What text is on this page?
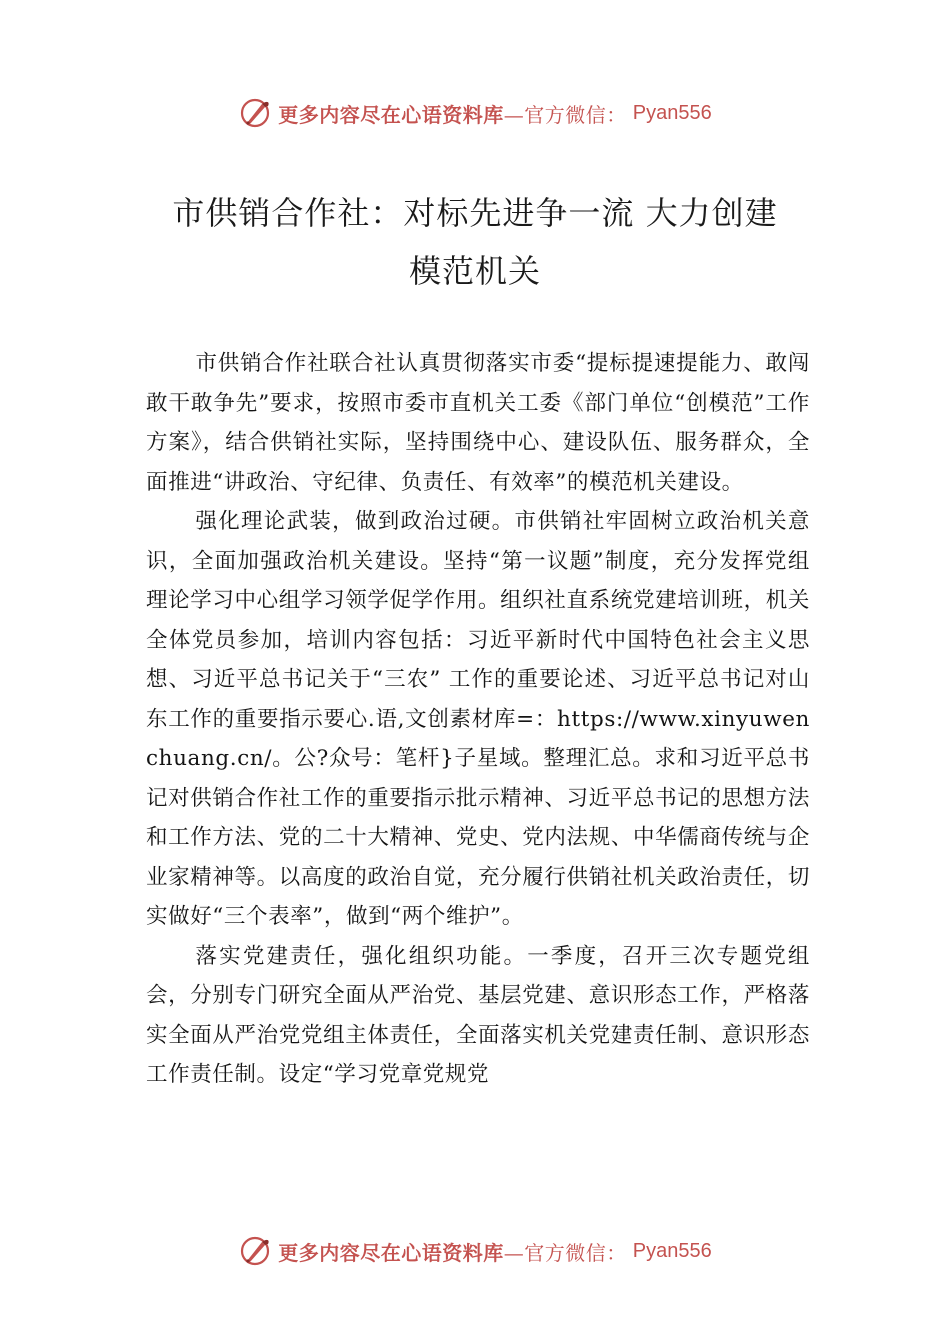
更多内容尽在心语资料库—官方微信： Pyan556
市供销合作社：对标先进争一流 大力创建
模范机关

市供销合作社联合社认真贯彻落实市委“提标提速提能力、敢闯敢干敢争先”要求，按照市委市直机关工委《部门单位“创模范”工作方案》，结合供销社实际，坚持围绕中心、建设队伍、服务群众，全面推进“讲政治、守纪律、负责任、有效率”的模范机关建设。

强化理论武装，做到政治过硬。市供销社牢固树立政治机关意识，全面加强政治机关建设。坚持“第一议题”制度，充分发挥党组理论学习中心组学习领学促学作用。组织社直系统党建培训班，机关全体党员参加，培训内容包括：习近平新时代中国特色社会主义思想、习近平总书记关于“三农” 工作的重要论述、习近平总书记对山东工作的重要指示要心.语,文创素材库=：https://www.xinyuwenchuang.cn/。公?众号：笔杆}子星域。整理汇总。求和习近平总书记对供销合作社工作的重要指示批示精神、习近平总书记的思想方法和工作方法、党的二十大精神、党史、党内法规、中华儒商传统与企业家精神等。以高度的政治自觉，充分履行供销社机关政治责任，切实做好“三个表率”，做到“两个维护”。

落实党建责任，强化组织功能。一季度，召开三次专题党组会，分别专门研究全面从严治党、基层党建、意识形态工作，严格落实全面从严治党党组主体责任，全面落实机关党建责任制、意识形态工作责任制。设定“学习党章党规党

更多内容尽在心语资料库—官方微信： Pyan556
